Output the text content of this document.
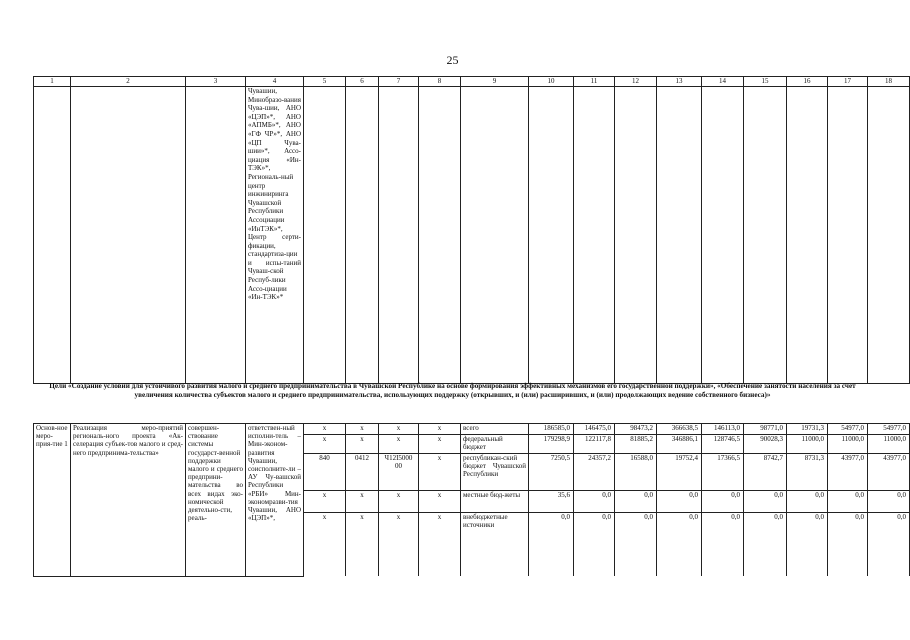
25
1	2	3	4	5	6	7	8	9	10	11	12	13	14	15	16	17	18
			Чувашии, Минобразо-вания Чува-шии, АНО «ЦЭП»*, АНО «АПМБ»*, АНО «ГФ ЧР»*, АНО «ЦП Чува-шии»*, Ассо-циация «Ин-ТЭК»*, Региональ-ный центр инжиниринга Чувашской Республики Ассоциации «ИнТЭК»*, Центр серти-фикации, стандартиза-ции и испы-таний Чуваш-ской Респуб-лики Ассо-циации «Ин-ТЭК»*														
Цели «Создание условий для устойчивого развития малого и среднего предпринимательства в Чувашской Республике на основе формирования эффективных механизмов его государственной поддержки», «Обеспечение занятости населения за счет увеличения количества субъектов малого и среднего предпринимательства, использующих поддержку (открывших, и (или) расширивших, и (или) продолжающих ведение собственного бизнеса)»
Основ-ное меро-прия-тие 1	Реализация меро-приятий региональ-ного проекта «Ак-селерация субъек-тов малого и сред-него предпринима-тельства»	совершен-ствование системы государст-венной поддержки малого и среднего предприни-мательства во всех видах эко-номической деятельно-сти, реаль-	ответствен-ный исполни-тель – Мин-эконом-развития Чувашии, соисполните-ли – АУ Чу-вашской Республики «РБИ» Мин-экономразви-тия Чувашии, АНО «ЦЭП»*,	x	x	x	x	всего	186585,0	146475,0	98473,2	366638,5	146113,0	98771,0	19731,3	54977,0	54977,0
				x	x	x	x	федеральный бюджет	179298,9	122117,8	81885,2	346886,1	128746,5	90028,3	11000,0	11000,0	11000,0
				840	0412	Ч12I5000 00	x	республикан-ский бюджет Чувашской Республики	7250,5	24357,2	16588,0	19752,4	17366,5	8742,7	8731,3	43977,0	43977,0
				x	x	x	x	местные бюд-жеты	35,6	0,0	0,0	0,0	0,0	0,0	0,0	0,0	0,0
				x	x	x	x	внебюджетные источники	0,0	0,0	0,0	0,0	0,0	0,0	0,0	0,0	0,0
